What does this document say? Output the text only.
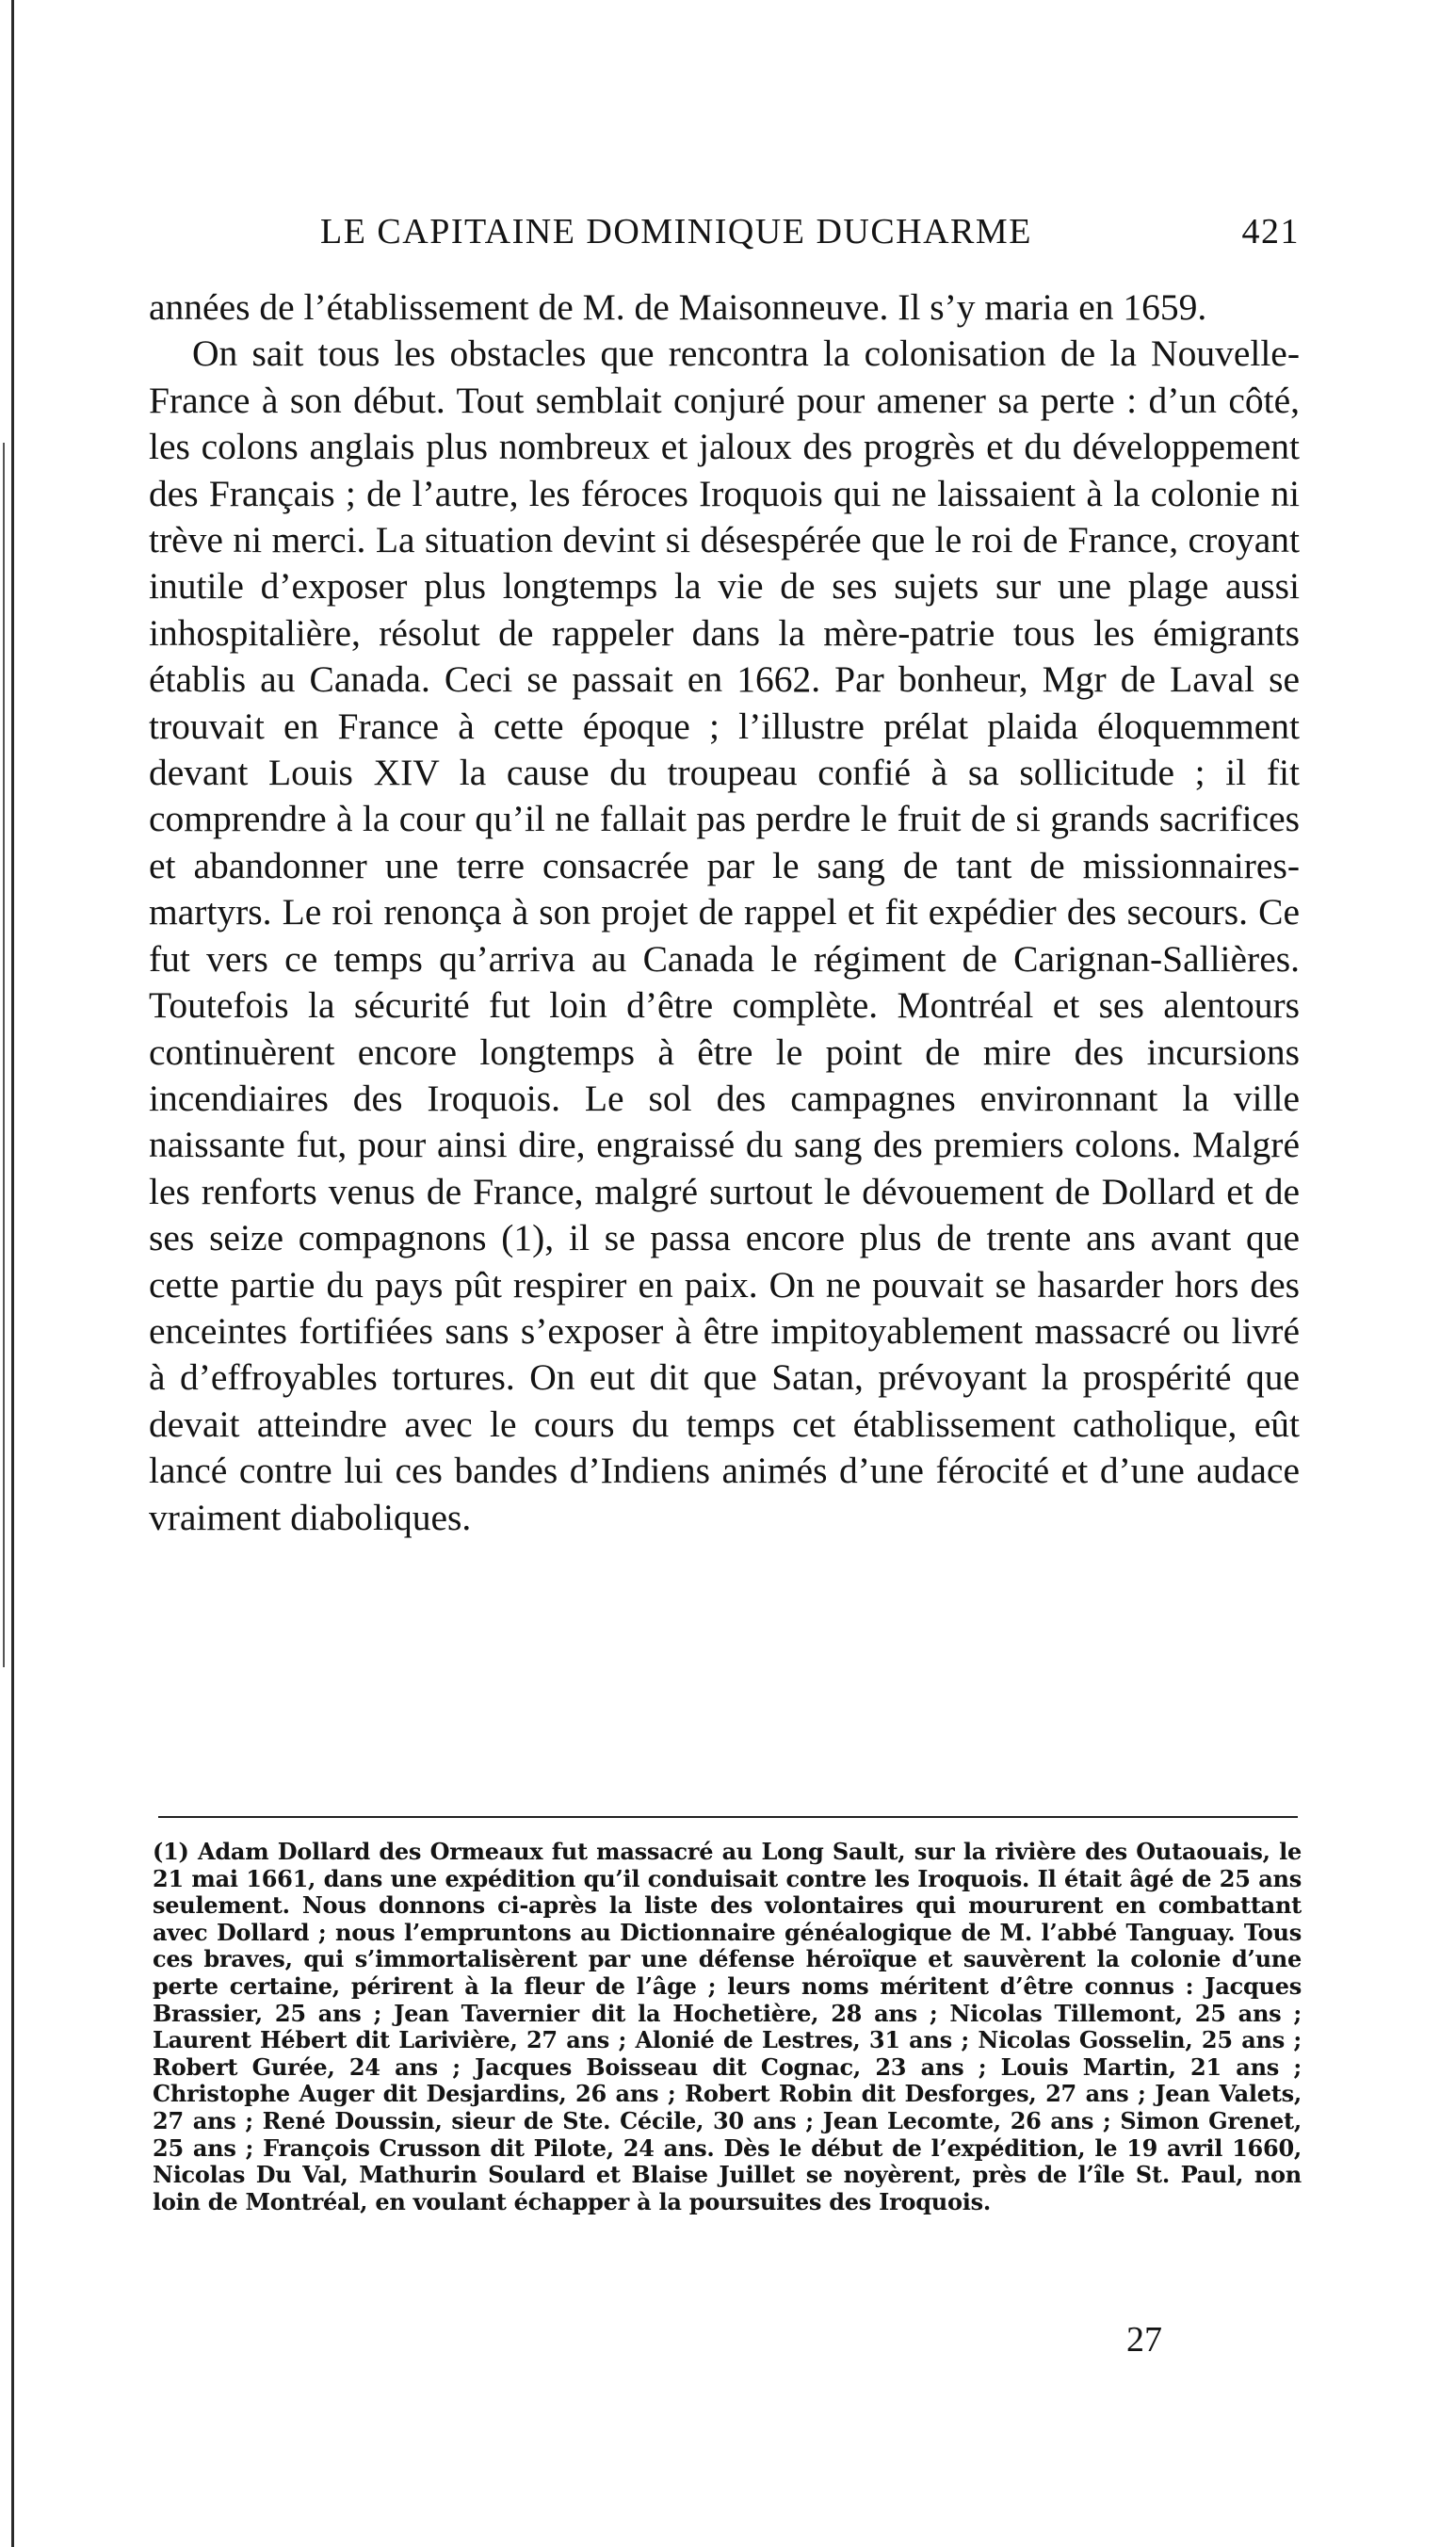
LE CAPITAINE DOMINIQUE DUCHARME	421

années de l’établissement de M. de Maisonneuve. Il s’y maria en 1659.

On sait tous les obstacles que rencontra la colonisation de la Nouvelle-France à son début. Tout semblait conjuré pour amener sa perte : d’un côté, les colons anglais plus nombreux et jaloux des progrès et du développement des Français ; de l’autre, les féroces Iroquois qui ne laissaient à la colonie ni trève ni merci. La situation devint si désespérée que le roi de France, croyant inutile d’exposer plus longtemps la vie de ses sujets sur une plage aussi inhospitalière, résolut de rappeler dans la mère-patrie tous les émigrants établis au Canada. Ceci se passait en 1662. Par bonheur, Mgr de Laval se trouvait en France à cette époque ; l’illustre prélat plaida éloquemment devant Louis XIV la cause du troupeau confié à sa sollicitude ; il fit comprendre à la cour qu’il ne fallait pas perdre le fruit de si grands sacrifices et abandonner une terre consacrée par le sang de tant de missionnaires-martyrs. Le roi renonça à son projet de rappel et fit expédier des secours. Ce fut vers ce temps qu’arriva au Canada le régiment de Carignan-Sallières. Toutefois la sécurité fut loin d’être complète. Montréal et ses alentours continuèrent encore longtemps à être le point de mire des incursions incendiaires des Iroquois. Le sol des campagnes environnant la ville naissante fut, pour ainsi dire, engraissé du sang des premiers colons. Malgré les renforts venus de France, malgré surtout le dévouement de Dollard et de ses seize compagnons (1), il se passa encore plus de trente ans avant que cette partie du pays pût respirer en paix. On ne pouvait se hasarder hors des enceintes fortifiées sans s’exposer à être impitoyablement massacré ou livré à d’effroyables tortures. On eut dit que Satan, prévoyant la prospérité que devait atteindre avec le cours du temps cet établissement catholique, eût lancé contre lui ces bandes d’Indiens animés d’une férocité et d’une audace vraiment diaboliques.

(1) Adam Dollard des Ormeaux fut massacré au Long Sault, sur la rivière des Outaouais, le 21 mai 1661, dans une expédition qu’il conduisait contre les Iroquois. Il était âgé de 25 ans seulement. Nous donnons ci-après la liste des volontaires qui moururent en combattant avec Dollard ; nous l’empruntons au Dictionnaire généalogique de M. l’abbé Tanguay. Tous ces braves, qui s’immortalisèrent par une défense héroïque et sauvèrent la colonie d’une perte certaine, périrent à la fleur de l’âge ; leurs noms méritent d’être connus : Jacques Brassier, 25 ans ; Jean Tavernier dit la Hochetière, 28 ans ; Nicolas Tillemont, 25 ans ; Laurent Hébert dit Larivière, 27 ans ; Alonié de Lestres, 31 ans ; Nicolas Gosselin, 25 ans ; Robert Gurée, 24 ans ; Jacques Boisseau dit Cognac, 23 ans ; Louis Martin, 21 ans ; Christophe Auger dit Desjardins, 26 ans ; Robert Robin dit Desforges, 27 ans ; Jean Valets, 27 ans ; René Doussin, sieur de Ste. Cécile, 30 ans ; Jean Lecomte, 26 ans ; Simon Grenet, 25 ans ; François Crusson dit Pilote, 24 ans. Dès le début de l’expédition, le 19 avril 1660, Nicolas Du Val, Mathurin Soulard et Blaise Juillet se noyèrent, près de l’île St. Paul, non loin de Montréal, en voulant échapper à la poursuites des Iroquois.

27
